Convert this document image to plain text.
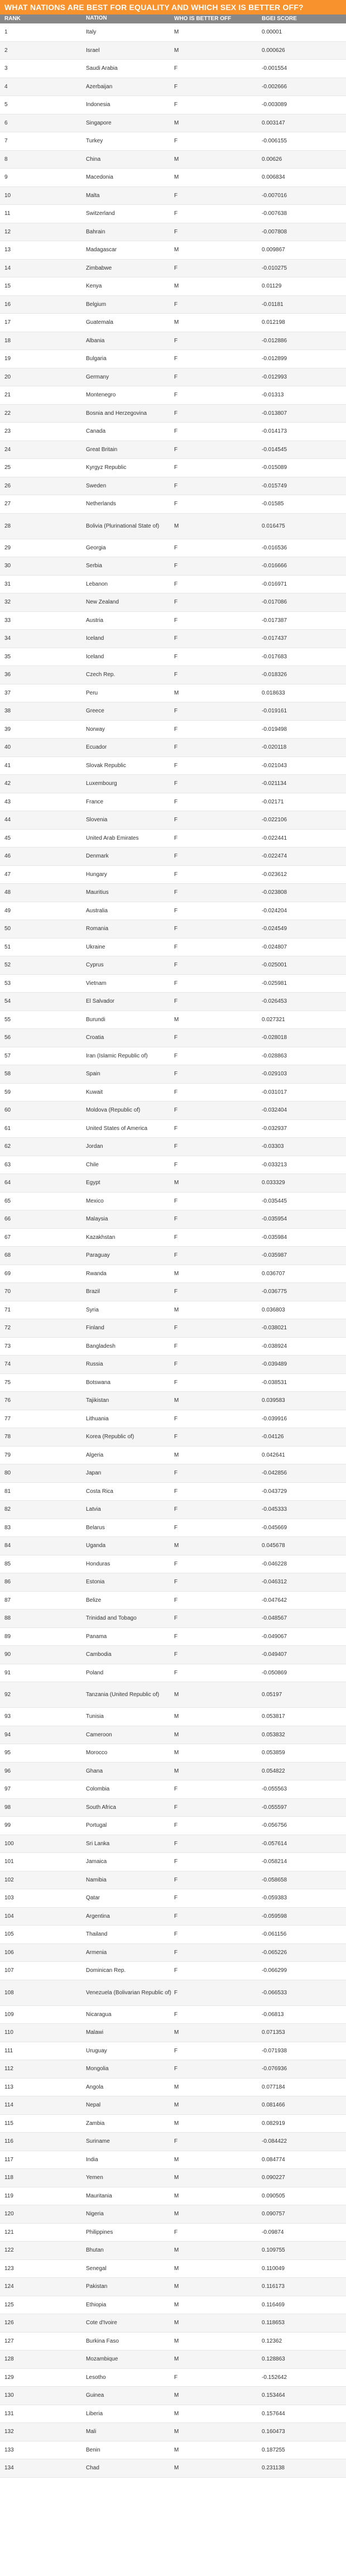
WHAT NATIONS ARE BEST FOR EQUALITY AND WHICH SEX IS BETTER OFF?
RANK	NATION	WHO IS BETTER OFF	BGEI SCORE
1	Italy	M	0.00001
2	Israel	M	0.000626
3	Saudi Arabia	F	-0.001554
4	Azerbaijan	F	-0.002666
5	Indonesia	F	-0.003089
6	Singapore	M	0.003147
7	Turkey	F	-0.006155
8	China	M	0.00626
9	Macedonia	M	0.006834
10	Malta	F	-0.007016
11	Switzerland	F	-0.007638
12	Bahrain	F	-0.007808
13	Madagascar	M	0.009867
14	Zimbabwe	F	-0.010275
15	Kenya	M	0.01129
16	Belgium	F	-0.01181
17	Guatemala	M	0.012198
18	Albania	F	-0.012886
19	Bulgaria	F	-0.012899
20	Germany	F	-0.012993
21	Montenegro	F	-0.01313
22	Bosnia and Herzegovina	F	-0.013807
23	Canada	F	-0.014173
24	Great Britain	F	-0.014545
25	Kyrgyz Republic	F	-0.015089
26	Sweden	F	-0.015749
27	Netherlands	F	-0.01585
28	Bolivia (Plurinational State of)	M	0.016475
29	Georgia	F	-0.016536
30	Serbia	F	-0.016666
31	Lebanon	F	-0.016971
32	New Zealand	F	-0.017086
33	Austria	F	-0.017387
34	Iceland	F	-0.017437
35	Iceland	F	-0.017683
36	Czech Rep.	F	-0.018326
37	Peru	M	0.018633
38	Greece	F	-0.019161
39	Norway	F	-0.019498
40	Ecuador	F	-0.020118
41	Slovak Republic	F	-0.021043
42	Luxembourg	F	-0.021134
43	France	F	-0.02171
44	Slovenia	F	-0.022106
45	United Arab Emirates	F	-0.022441
46	Denmark	F	-0.022474
47	Hungary	F	-0.023612
48	Mauritius	F	-0.023808
49	Australia	F	-0.024204
50	Romania	F	-0.024549
51	Ukraine	F	-0.024807
52	Cyprus	F	-0.025001
53	Vietnam	F	-0.025981
54	El Salvador	F	-0.026453
55	Burundi	M	0.027321
56	Croatia	F	-0.028018
57	Iran (Islamic Republic of)	F	-0.028863
58	Spain	F	-0.029103
59	Kuwait	F	-0.031017
60	Moldova (Republic of)	F	-0.032404
61	United States of America	F	-0.032937
62	Jordan	F	-0.03303
63	Chile	F	-0.033213
64	Egypt	M	0.033329
65	Mexico	F	-0.035445
66	Malaysia	F	-0.035954
67	Kazakhstan	F	-0.035984
68	Paraguay	F	-0.035987
69	Rwanda	M	0.036707
70	Brazil	F	-0.036775
71	Syria	M	0.036803
72	Finland	F	-0.038021
73	Bangladesh	F	-0.038924
74	Russia	F	-0.039489
75	Botswana	F	-0.038531
76	Tajikistan	M	0.039583
77	Lithuania	F	-0.039916
78	Korea (Republic of)	F	-0.04126
79	Algeria	M	0.042641
80	Japan	F	-0.042856
81	Costa Rica	F	-0.043729
82	Latvia	F	-0.045333
83	Belarus	F	-0.045669
84	Uganda	M	0.045678
85	Honduras	F	-0.046228
86	Estonia	F	-0.046312
87	Belize	F	-0.047642
88	Trinidad and Tobago	F	-0.048567
89	Panama	F	-0.049067
90	Cambodia	F	-0.049407
91	Poland	F	-0.050869
92	Tanzania (United Republic of)	M	0.05197
93	Tunisia	M	0.053817
94	Cameroon	M	0.053832
95	Morocco	M	0.053859
96	Ghana	M	0.054822
97	Colombia	F	-0.055563
98	South Africa	F	-0.055597
99	Portugal	F	-0.056756
100	Sri Lanka	F	-0.057614
101	Jamaica	F	-0.058214
102	Namibia	F	-0.058658
103	Qatar	F	-0.059383
104	Argentina	F	-0.059598
105	Thailand	F	-0.061156
106	Armenia	F	-0.065226
107	Dominican Rep.	F	-0.066299
108	Venezuela (Bolivarian Republic of) F	-0.066533
109	Nicaragua	F	-0.06813
110	Malawi	M	0.071353
111	Uruguay	F	-0.071938
112	Mongolia	F	-0.076936
113	Angola	M	0.077184
114	Nepal	M	0.081466
115	Zambia	M	0.082919
116	Suriname	F	-0.084422
117	India	M	0.084774
118	Yemen	M	0.090227
119	Mauritania	M	0.090505
120	Nigeria	M	0.090757
121	Philippines	F	-0.09874
122	Bhutan	M	0.109755
123	Senegal	M	0.110049
124	Pakistan	M	0.116173
125	Ethiopia	M	0.116469
126	Cote d'Ivoire	M	0.118653
127	Burkina Faso	M	0.12362
128	Mozambique	M	0.128863
129	Lesotho	F	-0.152642
130	Guinea	M	0.153464
131	Liberia	M	0.157644
132	Mali	M	0.160473
133	Benin	M	0.187255
134	Chad	M	0.231138
